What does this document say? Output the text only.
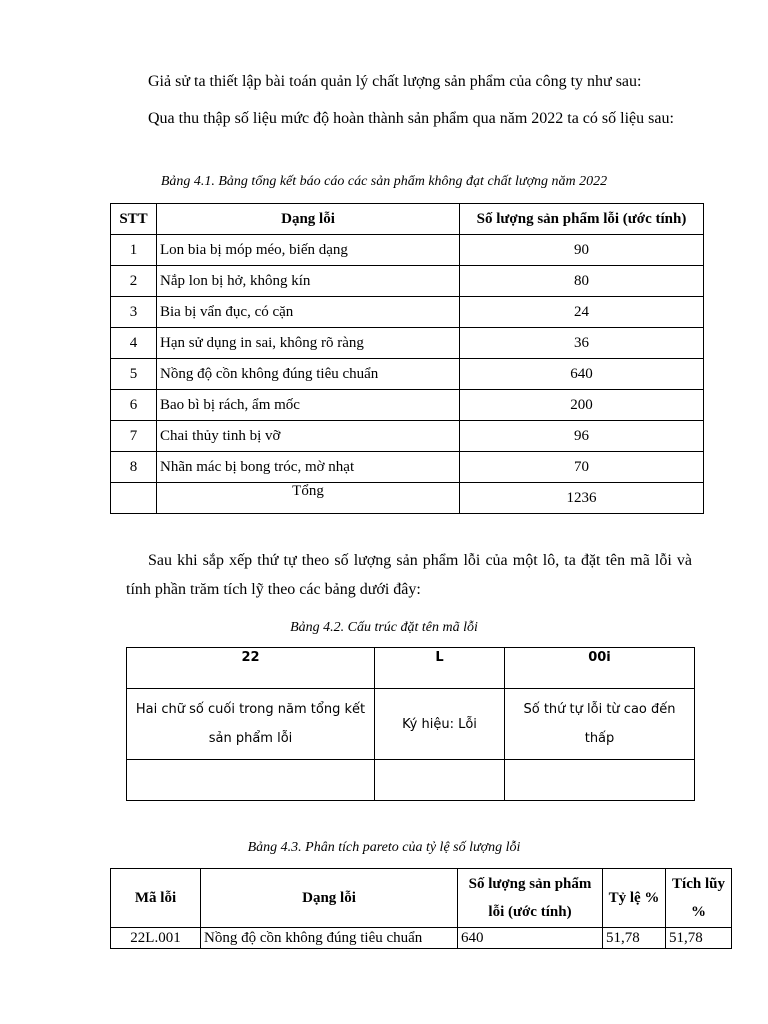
Giả sử ta thiết lập bài toán quản lý chất lượng sản phẩm của công ty như sau:

Qua thu thập số liệu mức độ hoàn thành sản phẩm qua năm 2022 ta có số liệu sau:

Bảng 4.1. Bảng tổng kết báo cáo các sản phẩm không đạt chất lượng năm 2022
STT	Dạng lỗi	Số lượng sản phẩm lỗi (ước tính)
1	Lon bia bị móp méo, biến dạng	90
2	Nắp lon bị hở, không kín	80
3	Bia bị vẩn đục, có cặn	24
4	Hạn sử dụng in sai, không rõ ràng	36
5	Nồng độ cồn không đúng tiêu chuẩn	640
6	Bao bì bị rách, ẩm mốc	200
7	Chai thủy tinh bị vỡ	96
8	Nhãn mác bị bong tróc, mờ nhạt	70
	Tổng	1236

Sau khi sắp xếp thứ tự theo số lượng sản phẩm lỗi của một lô, ta đặt tên mã lỗi và tính phần trăm tích lỹ theo các bảng dưới đây:

Bảng 4.2. Cấu trúc đặt tên mã lỗi
22	L	00i
Hai chữ số cuối trong năm tổng kết sản phẩm lỗi	Ký hiệu: Lỗi	Số thứ tự lỗi từ cao đến thấp

Bảng 4.3. Phân tích pareto của tỷ lệ số lượng lỗi
Mã lỗi	Dạng lỗi	Số lượng sản phẩm lỗi (ước tính)	Tỷ lệ %	Tích lũy %
22L.001	Nồng độ cồn không đúng tiêu chuẩn	640	51,78	51,78
